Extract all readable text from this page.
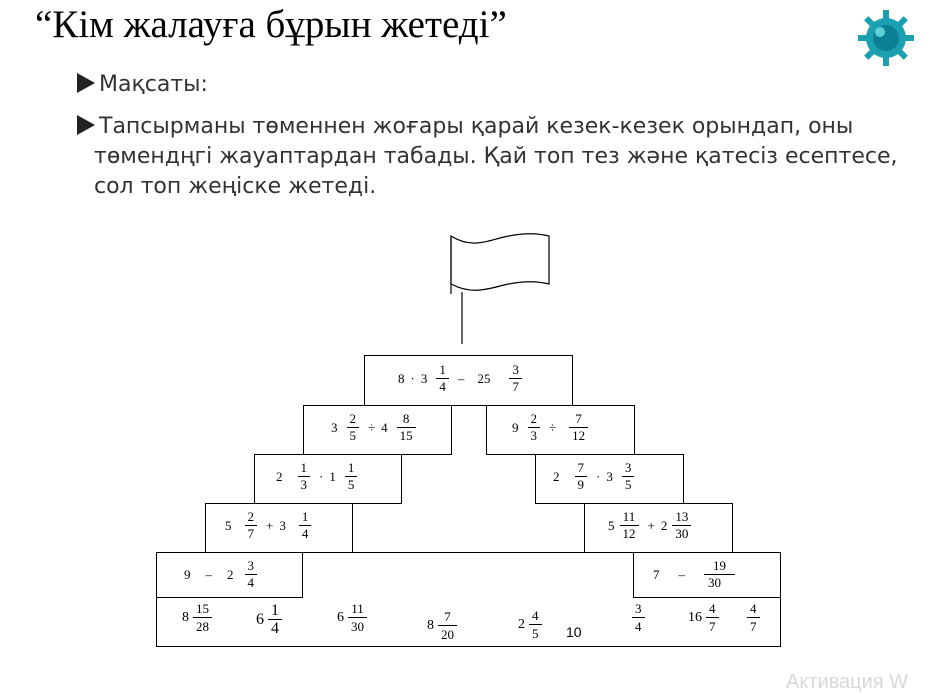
“Кім жалауға бұрын жетеді”
Мақсаты:
Тапсырманы төменнен жоғары қарай кезек-кезек орындап, оны
төмендңгі жауаптардан табады. Қай топ тез және қатесіз есептесе,
сол топ жеңіске жетеді.
$8 \cdot 3 \frac{1}{4} - 25 \frac{3}{7}$
$3 \frac{2}{5} \div 4 \frac{8}{15}$	$9 \frac{2}{3} \div \frac{7}{12}$
$2 \frac{1}{3} \cdot 1 \frac{1}{5}$	$2 \frac{7}{9} \cdot 3 \frac{3}{5}$
$5 \frac{2}{7} + 3 \frac{1}{4}$	$5 \frac{11}{12} + 2 \frac{13}{30}$
$9 - 2 \frac{3}{4}$	$7 - \frac{19}{30}$
$8 \frac{15}{28}$	$6 \frac{1}{4}$	$6 \frac{11}{30}$	$8 \frac{7}{20}$	$2 \frac{4}{5} 10$	$\frac{3}{4}$	$16 \frac{4}{7} \frac{4}{7}$
Активация W
